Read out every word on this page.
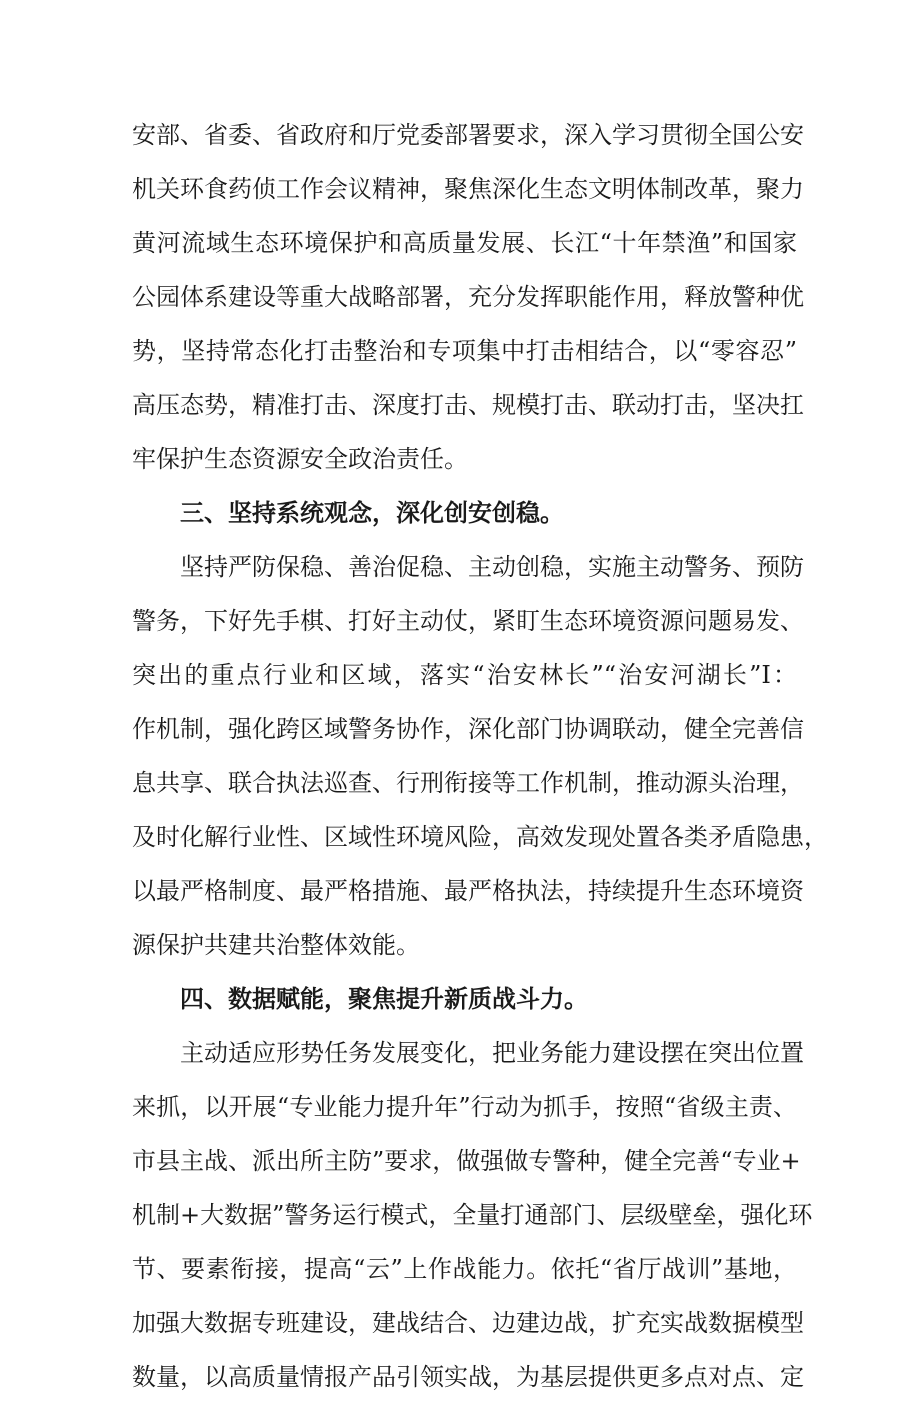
安部、省委、省政府和厅党委部署要求，深入学习贯彻全国公安
机关环食药侦工作会议精神，聚焦深化生态文明体制改革，聚力
黄河流域生态环境保护和高质量发展、长江“十年禁渔”和国家
公园体系建设等重大战略部署，充分发挥职能作用，释放警种优
势，坚持常态化打击整治和专项集中打击相结合，以“零容忍”
高压态势，精准打击、深度打击、规模打击、联动打击，坚决扛
牢保护生态资源安全政治责任。
三、坚持系统观念，深化创安创稳。
坚持严防保稳、善治促稳、主动创稳，实施主动警务、预防
警务，下好先手棋、打好主动仗，紧盯生态环境资源问题易发、
突出的重点行业和区域，落实“治安林长”“治安河湖长”I：
作机制，强化跨区域警务协作，深化部门协调联动，健全完善信
息共享、联合执法巡查、行刑衔接等工作机制，推动源头治理，
及时化解行业性、区域性环境风险，高效发现处置各类矛盾隐患，
以最严格制度、最严格措施、最严格执法，持续提升生态环境资
源保护共建共治整体效能。
四、数据赋能，聚焦提升新质战斗力。
主动适应形势任务发展变化，把业务能力建设摆在突出位置
来抓，以开展“专业能力提升年”行动为抓手，按照“省级主责、
市县主战、派出所主防”要求，做强做专警种，健全完善“专业+
机制+大数据”警务运行模式，全量打通部门、层级壁垒，强化环
节、要素衔接，提高“云”上作战能力。依托“省厅战训”基地，
加强大数据专班建设，建战结合、边建边战，扩充实战数据模型
数量，以高质量情报产品引领实战，为基层提供更多点对点、定
